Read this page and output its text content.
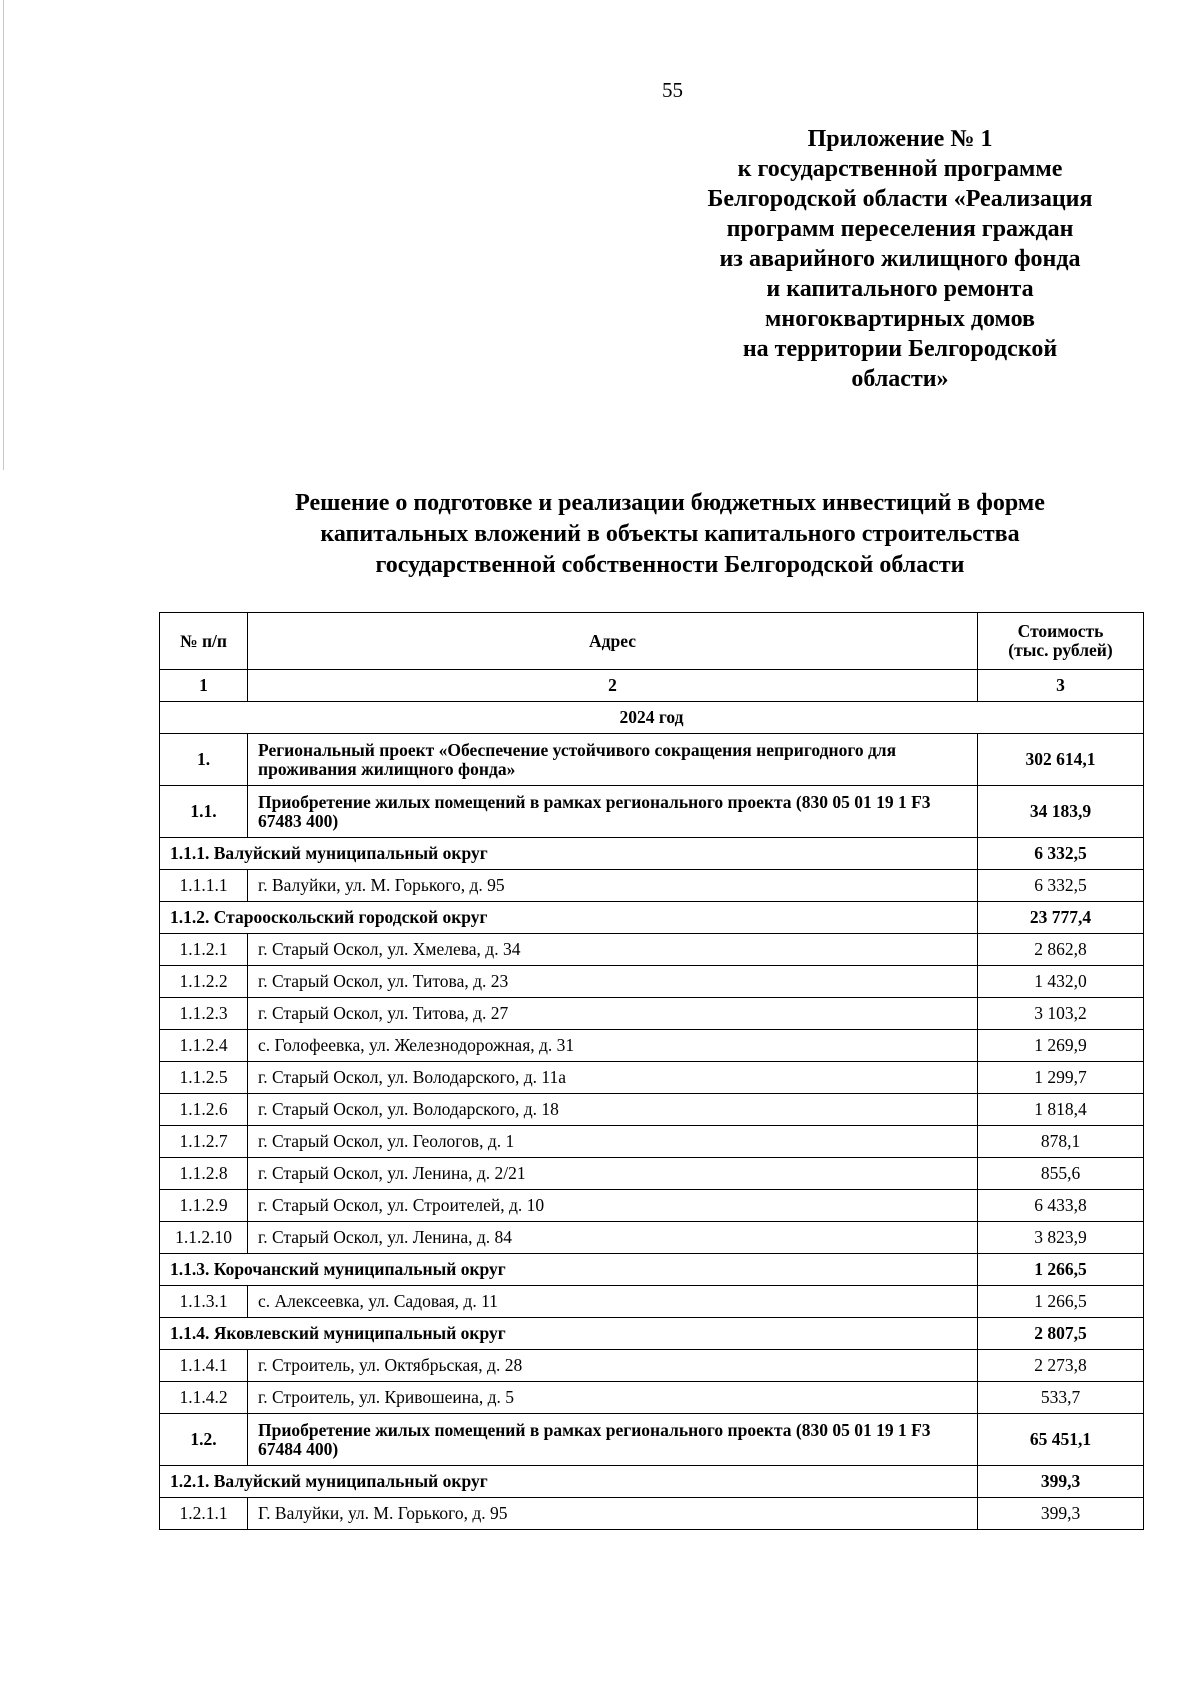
55
Приложение № 1
к государственной программе
Белгородской области «Реализация
программ переселения граждан
из аварийного жилищного фонда
и капитального ремонта
многоквартирных домов
на территории Белгородской
области»
Решение о подготовке и реализации бюджетных инвестиций в форме
капитальных вложений в объекты капитального строительства
государственной собственности Белгородской области
№ п/п	Адрес	Стоимость
(тыс. рублей)

1	2	3
2024 год		
1.	Региональный проект «Обеспечение устойчивого сокращения непригодного для проживания жилищного фонда»	302 614,1
1.1.	Приобретение жилых помещений в рамках регионального проекта (830 05 01 19 1 F3 67483 400)	34 183,9
1.1.1. Валуйский муниципальный округ		6 332,5
1.1.1.1	г. Валуйки, ул. М. Горького, д. 95	6 332,5
1.1.2. Старооскольский городской округ		23 777,4
1.1.2.1	г. Старый Оскол, ул. Хмелева, д. 34	2 862,8
1.1.2.2	г. Старый Оскол, ул. Титова, д. 23	1 432,0
1.1.2.3	г. Старый Оскол, ул. Титова, д. 27	3 103,2
1.1.2.4	с. Голофеевка, ул. Железнодорожная, д. 31	1 269,9
1.1.2.5	г. Старый Оскол, ул. Володарского, д. 11а	1 299,7
1.1.2.6	г. Старый Оскол, ул. Володарского, д. 18	1 818,4
1.1.2.7	г. Старый Оскол, ул. Геологов, д. 1	878,1
1.1.2.8	г. Старый Оскол, ул. Ленина, д. 2/21	855,6
1.1.2.9	г. Старый Оскол, ул. Строителей, д. 10	6 433,8
1.1.2.10	г. Старый Оскол, ул. Ленина, д. 84	3 823,9
1.1.3. Корочанский муниципальный округ		1 266,5
1.1.3.1	с. Алексеевка, ул. Садовая, д. 11	1 266,5
1.1.4. Яковлевский муниципальный округ		2 807,5
1.1.4.1	г. Строитель, ул. Октябрьская, д. 28	2 273,8
1.1.4.2	г. Строитель, ул. Кривошеина, д. 5	533,7
1.2.	Приобретение жилых помещений в рамках регионального проекта (830 05 01 19 1 F3 67484 400)	65 451,1
1.2.1. Валуйский муниципальный округ		399,3
1.2.1.1	Г. Валуйки, ул. М. Горького, д. 95	399,3
